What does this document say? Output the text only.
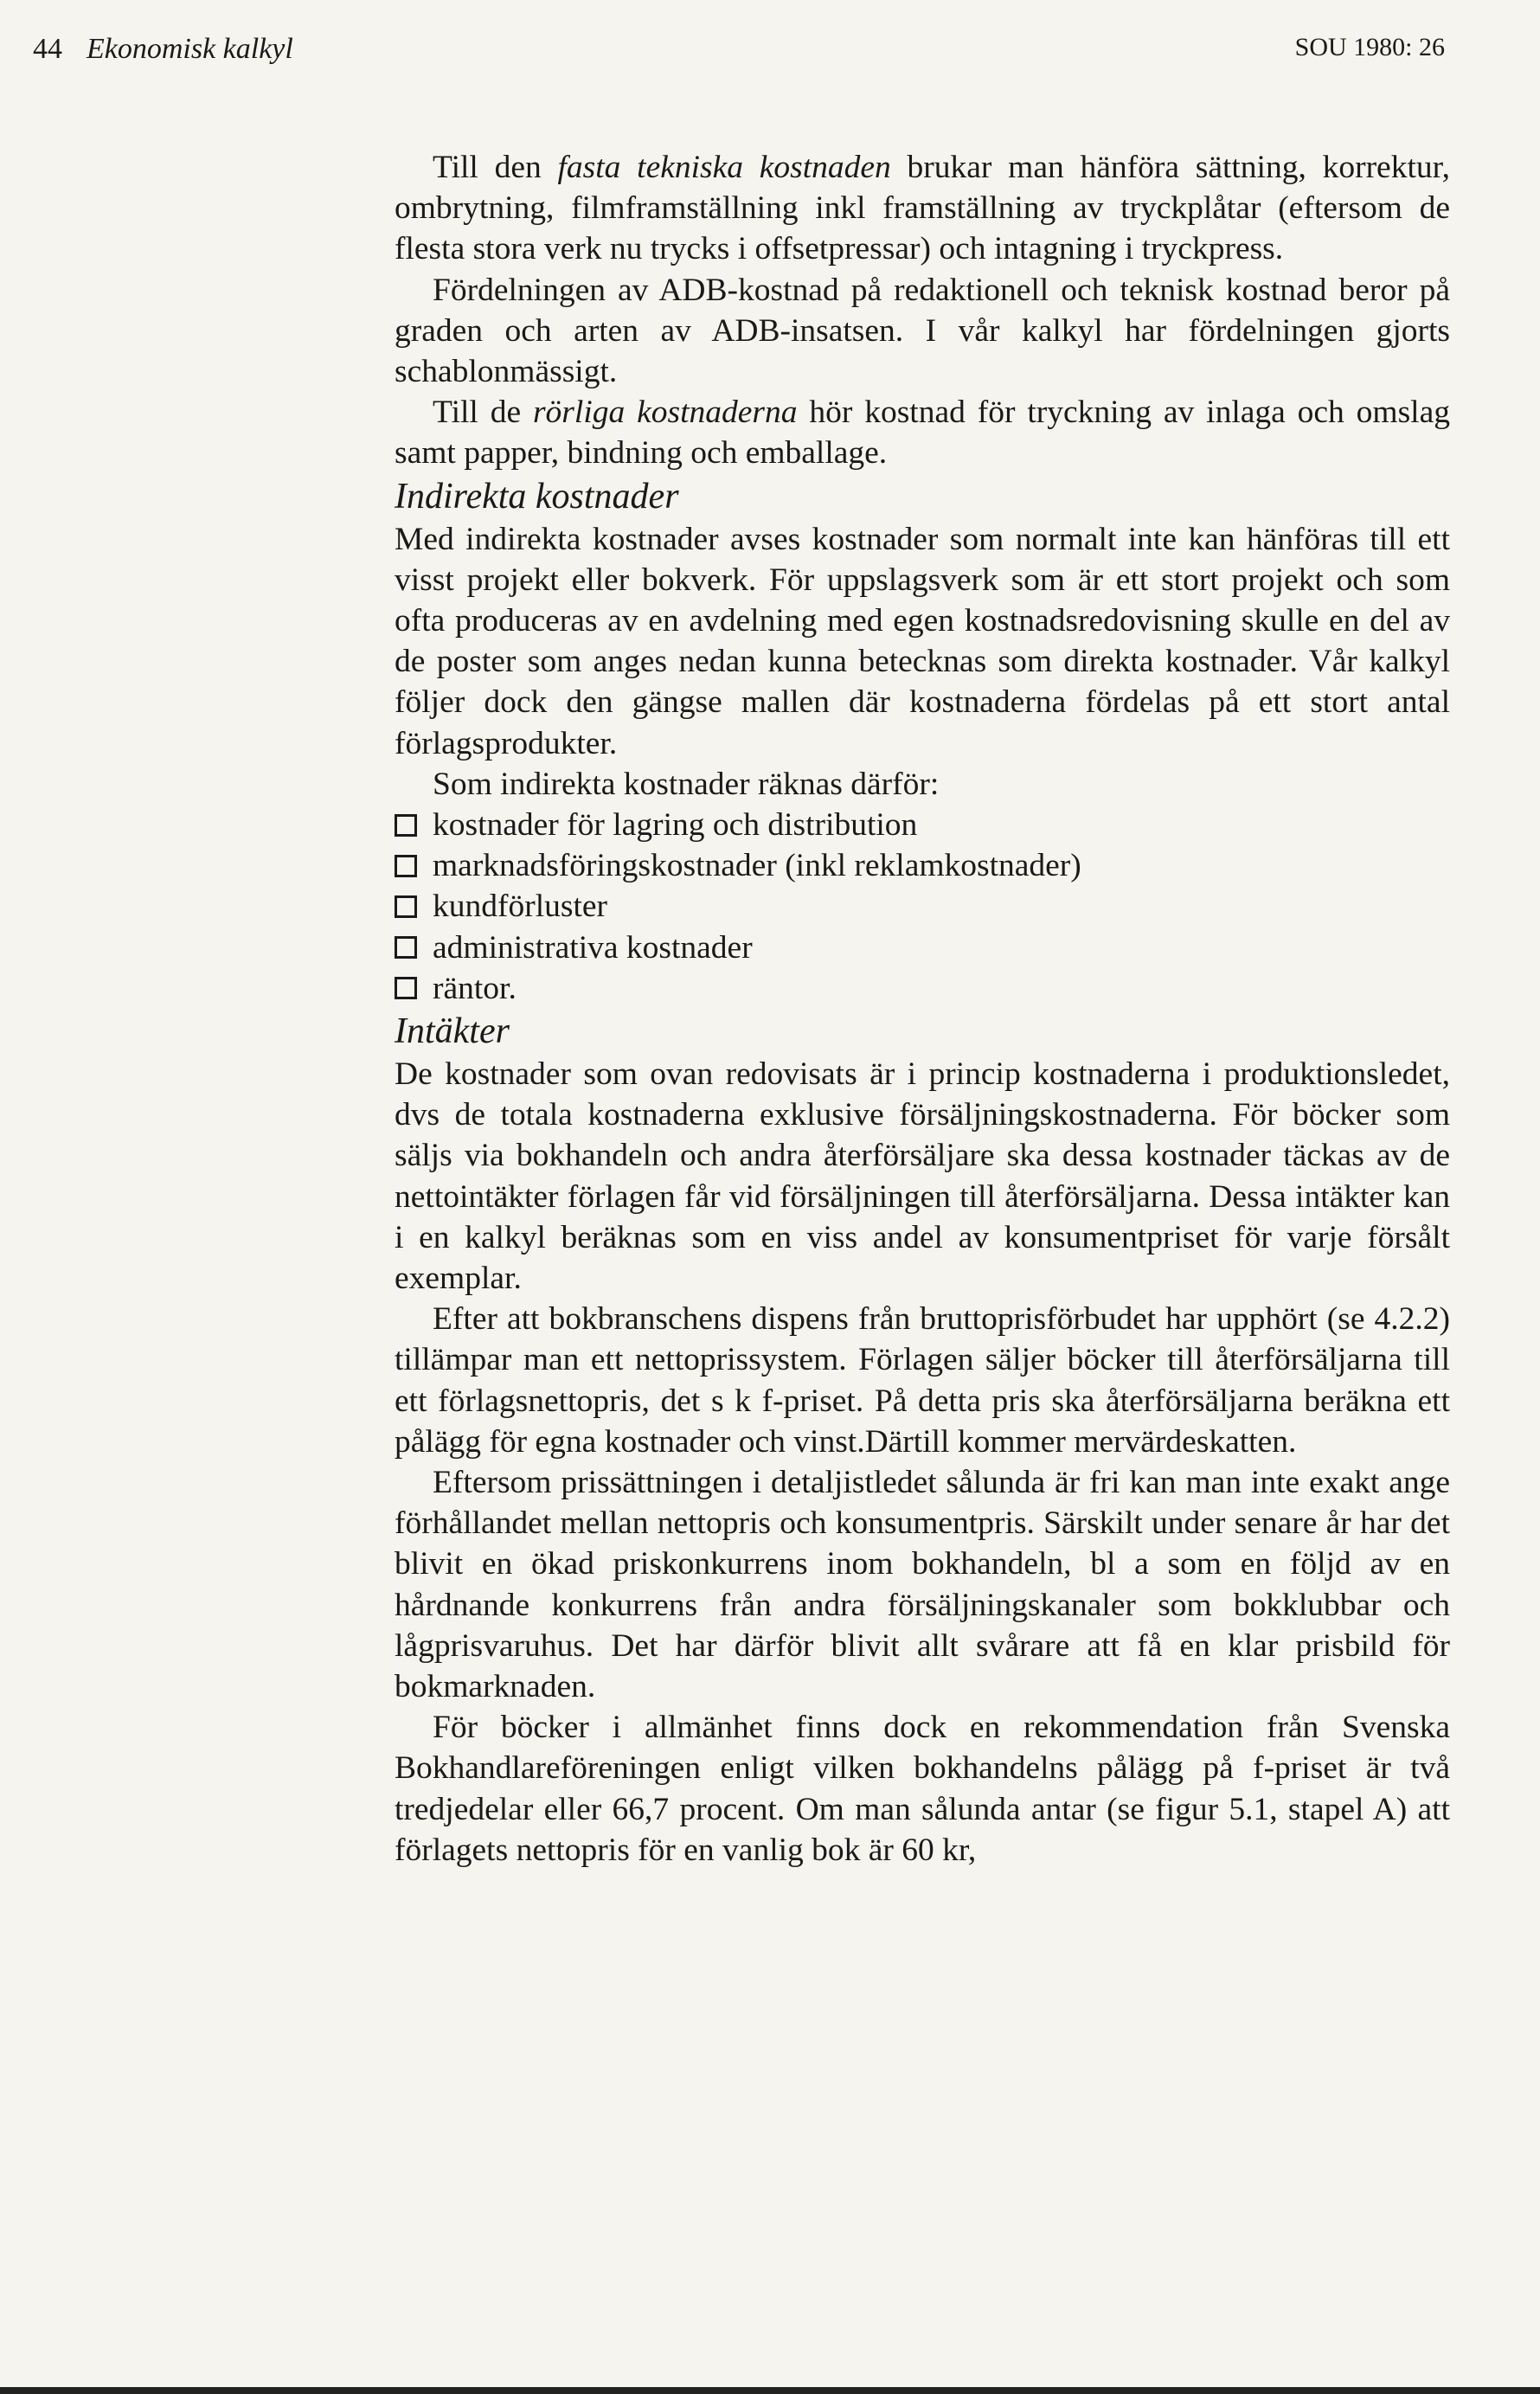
44 Ekonomisk kalkyl	SOU 1980: 26

Till den fasta tekniska kostnaden brukar man hänföra sättning, korrektur, ombrytning, filmframställning inkl framställning av tryckplåtar (eftersom de flesta stora verk nu trycks i offsetpressar) och intagning i tryckpress.

Fördelningen av ADB-kostnad på redaktionell och teknisk kostnad beror på graden och arten av ADB-insatsen. I vår kalkyl har fördelningen gjorts schablonmässigt.

Till de rörliga kostnaderna hör kostnad för tryckning av inlaga och omslag samt papper, bindning och emballage.

Indirekta kostnader

Med indirekta kostnader avses kostnader som normalt inte kan hänföras till ett visst projekt eller bokverk. För uppslagsverk som är ett stort projekt och som ofta produceras av en avdelning med egen kostnadsredovisning skulle en del av de poster som anges nedan kunna betecknas som direkta kostnader. Vår kalkyl följer dock den gängse mallen där kostnaderna fördelas på ett stort antal förlagsprodukter.

Som indirekta kostnader räknas därför:

kostnader för lagring och distribution
marknadsföringskostnader (inkl reklamkostnader)
kundförluster
administrativa kostnader
räntor.
Intäkter

De kostnader som ovan redovisats är i princip kostnaderna i produktionsledet, dvs de totala kostnaderna exklusive försäljningskostnaderna. För böcker som säljs via bokhandeln och andra återförsäljare ska dessa kostnader täckas av de nettointäkter förlagen får vid försäljningen till återförsäljarna. Dessa intäkter kan i en kalkyl beräknas som en viss andel av konsumentpriset för varje försålt exemplar.

Efter att bokbranschens dispens från bruttoprisförbudet har upphört (se 4.2.2) tillämpar man ett nettoprissystem. Förlagen säljer böcker till återförsäljarna till ett förlagsnettopris, det s k f-priset. På detta pris ska återförsäljarna beräkna ett pålägg för egna kostnader och vinst.Därtill kommer mervärdeskatten.

Eftersom prissättningen i detaljistledet sålunda är fri kan man inte exakt ange förhållandet mellan nettopris och konsumentpris. Särskilt under senare år har det blivit en ökad priskonkurrens inom bokhandeln, bl a som en följd av en hårdnande konkurrens från andra försäljningskanaler som bokklubbar och lågprisvaruhus. Det har därför blivit allt svårare att få en klar prisbild för bokmarknaden.

För böcker i allmänhet finns dock en rekommendation från Svenska Bokhandlareföreningen enligt vilken bokhandelns pålägg på f-priset är två tredjedelar eller 66,7 procent. Om man sålunda antar (se figur 5.1, stapel A) att förlagets nettopris för en vanlig bok är 60 kr,
